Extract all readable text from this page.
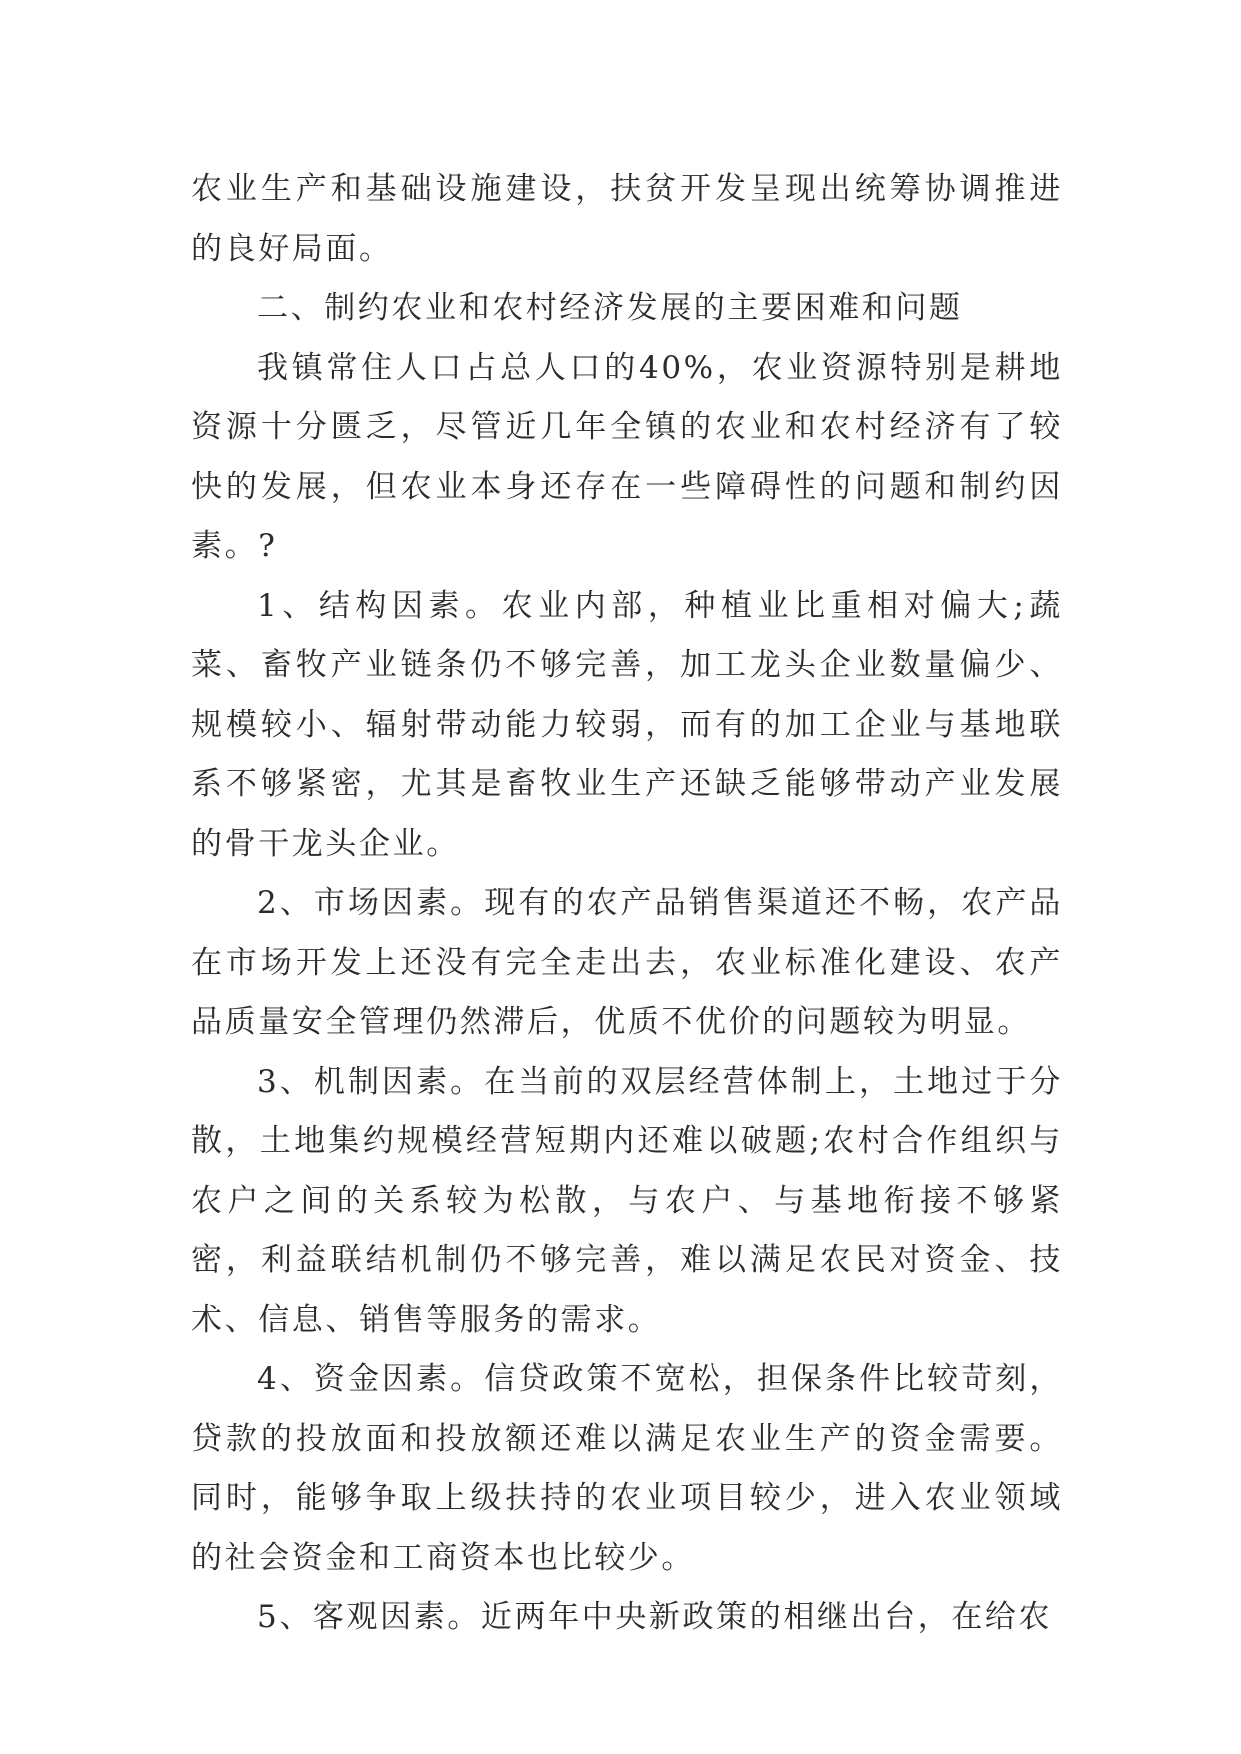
农业生产和基础设施建设，扶贫开发呈现出统筹协调推进的良好局面。

二、制约农业和农村经济发展的主要困难和问题

我镇常住人口占总人口的40%，农业资源特别是耕地资源十分匮乏，尽管近几年全镇的农业和农村经济有了较快的发展，但农业本身还存在一些障碍性的问题和制约因素。?

1、结构因素。农业内部，种植业比重相对偏大;蔬菜、畜牧产业链条仍不够完善，加工龙头企业数量偏少、规模较小、辐射带动能力较弱，而有的加工企业与基地联系不够紧密，尤其是畜牧业生产还缺乏能够带动产业发展的骨干龙头企业。

2、市场因素。现有的农产品销售渠道还不畅，农产品在市场开发上还没有完全走出去，农业标准化建设、农产品质量安全管理仍然滞后，优质不优价的问题较为明显。

3、机制因素。在当前的双层经营体制上，土地过于分散，土地集约规模经营短期内还难以破题;农村合作组织与农户之间的关系较为松散，与农户、与基地衔接不够紧密，利益联结机制仍不够完善，难以满足农民对资金、技术、信息、销售等服务的需求。

4、资金因素。信贷政策不宽松，担保条件比较苛刻，贷款的投放面和投放额还难以满足农业生产的资金需要。同时，能够争取上级扶持的农业项目较少，进入农业领域的社会资金和工商资本也比较少。

5、客观因素。近两年中央新政策的相继出台，在给农
